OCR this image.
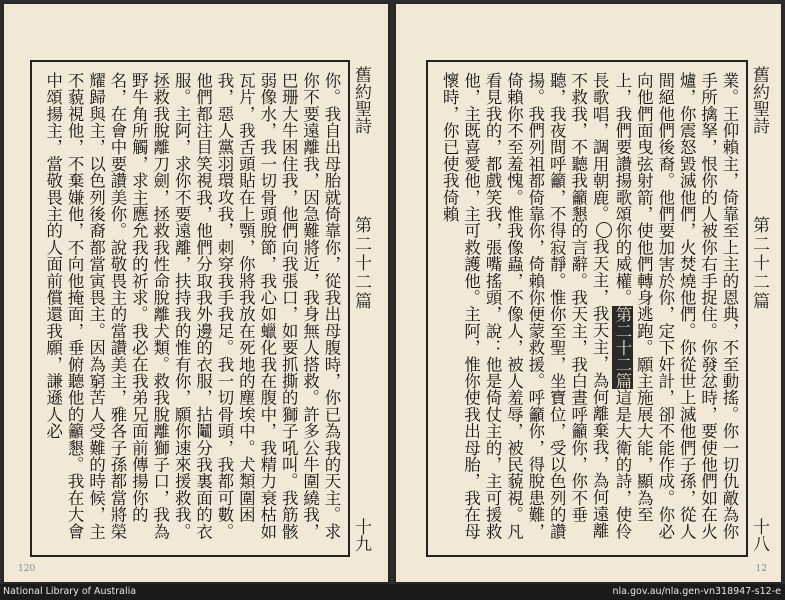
舊約聖詩
第二十二篇
十九
你。我自出母胎就倚靠你，從我出母腹時，你已為我的天主。求你不要遠離我，因急難將近，我身無人搭救。許多公牛圍繞我，巴珊大牛困住我，他們向我張口，如要抓撕的獅子吼叫。我筋骸弱像水，我一切骨頭脫節，我心如蠟化我在腹中，我精力衰枯如瓦片，我舌頭貼在上顎，你將我放在死地的塵埃中。犬類圍困我，惡人黨羽環攻我，刺穿我手我足。我一切骨頭，我都可數。他們都注目笑視我，他們分取我外邊的衣服，拈鬮分我裏面的衣服。主阿，求你不要遠離，扶持我的惟有你，願你速來援救我。拯救我脫離刀劍，拯救我性命脫離犬類。救我脫離獅子口，我為野牛角所觸，求主應允我的祈求。我必在我弟兄面前傳揚你的名，在會中要讚美你。說敬畏主的當讚美主，雅各子孫都當將榮耀歸與主，以色列後裔都當寅畏主。因為窮苦人受難的時候，主不藐視他，不棄嫌他，不向他掩面，垂俯聽他的籲懇。我在大會中頌揚主，當敬畏主的人面前償還我願，謙遜人必
120
舊約聖詩
第二十二篇
十八
業。王仰賴主，倚靠至上主的恩典，不至動搖。你一切仇敵為你手所擒拏，恨你的人被你右手捉住。你發忿時，要使他們如在火爐，你震怒毀滅他們，火焚燒他們。你從世上滅他們子孫，從人間絕他們後裔。他們要加害於你，定下奸計，卻不能作成。你必向他們面曳弦射箭，使他們轉身逃跑。願主施展大能，顯為至上，我們要讚揚歌頌你的威權。第二十二篇這是大衛的詩，使伶長歌唱，調用朝鹿。我天主，我天主，為何離棄我，為何遠離不救我，不聽我籲懇的言辭。我天主，我白晝呼籲你，你不垂聽，我夜間呼籲，不得寂靜。惟你至聖，坐寶位，受以色列的讚揚。我們列祖都倚靠你，倚賴你便蒙救援。呼籲你，得脫患難，倚賴你不至羞愧。惟我像蟲，不像人，被人羞辱，被民藐視。凡看見我的，都戲笑我，張嘴搖頭，說：他是倚仗主的，主可援救他，主既喜愛他，主可救護他。主阿，惟你使我出母胎，我在母懷時，你已使我倚賴
12
National Library of Australia	nla.gov.au/nla.gen-vn318947-s12-e
